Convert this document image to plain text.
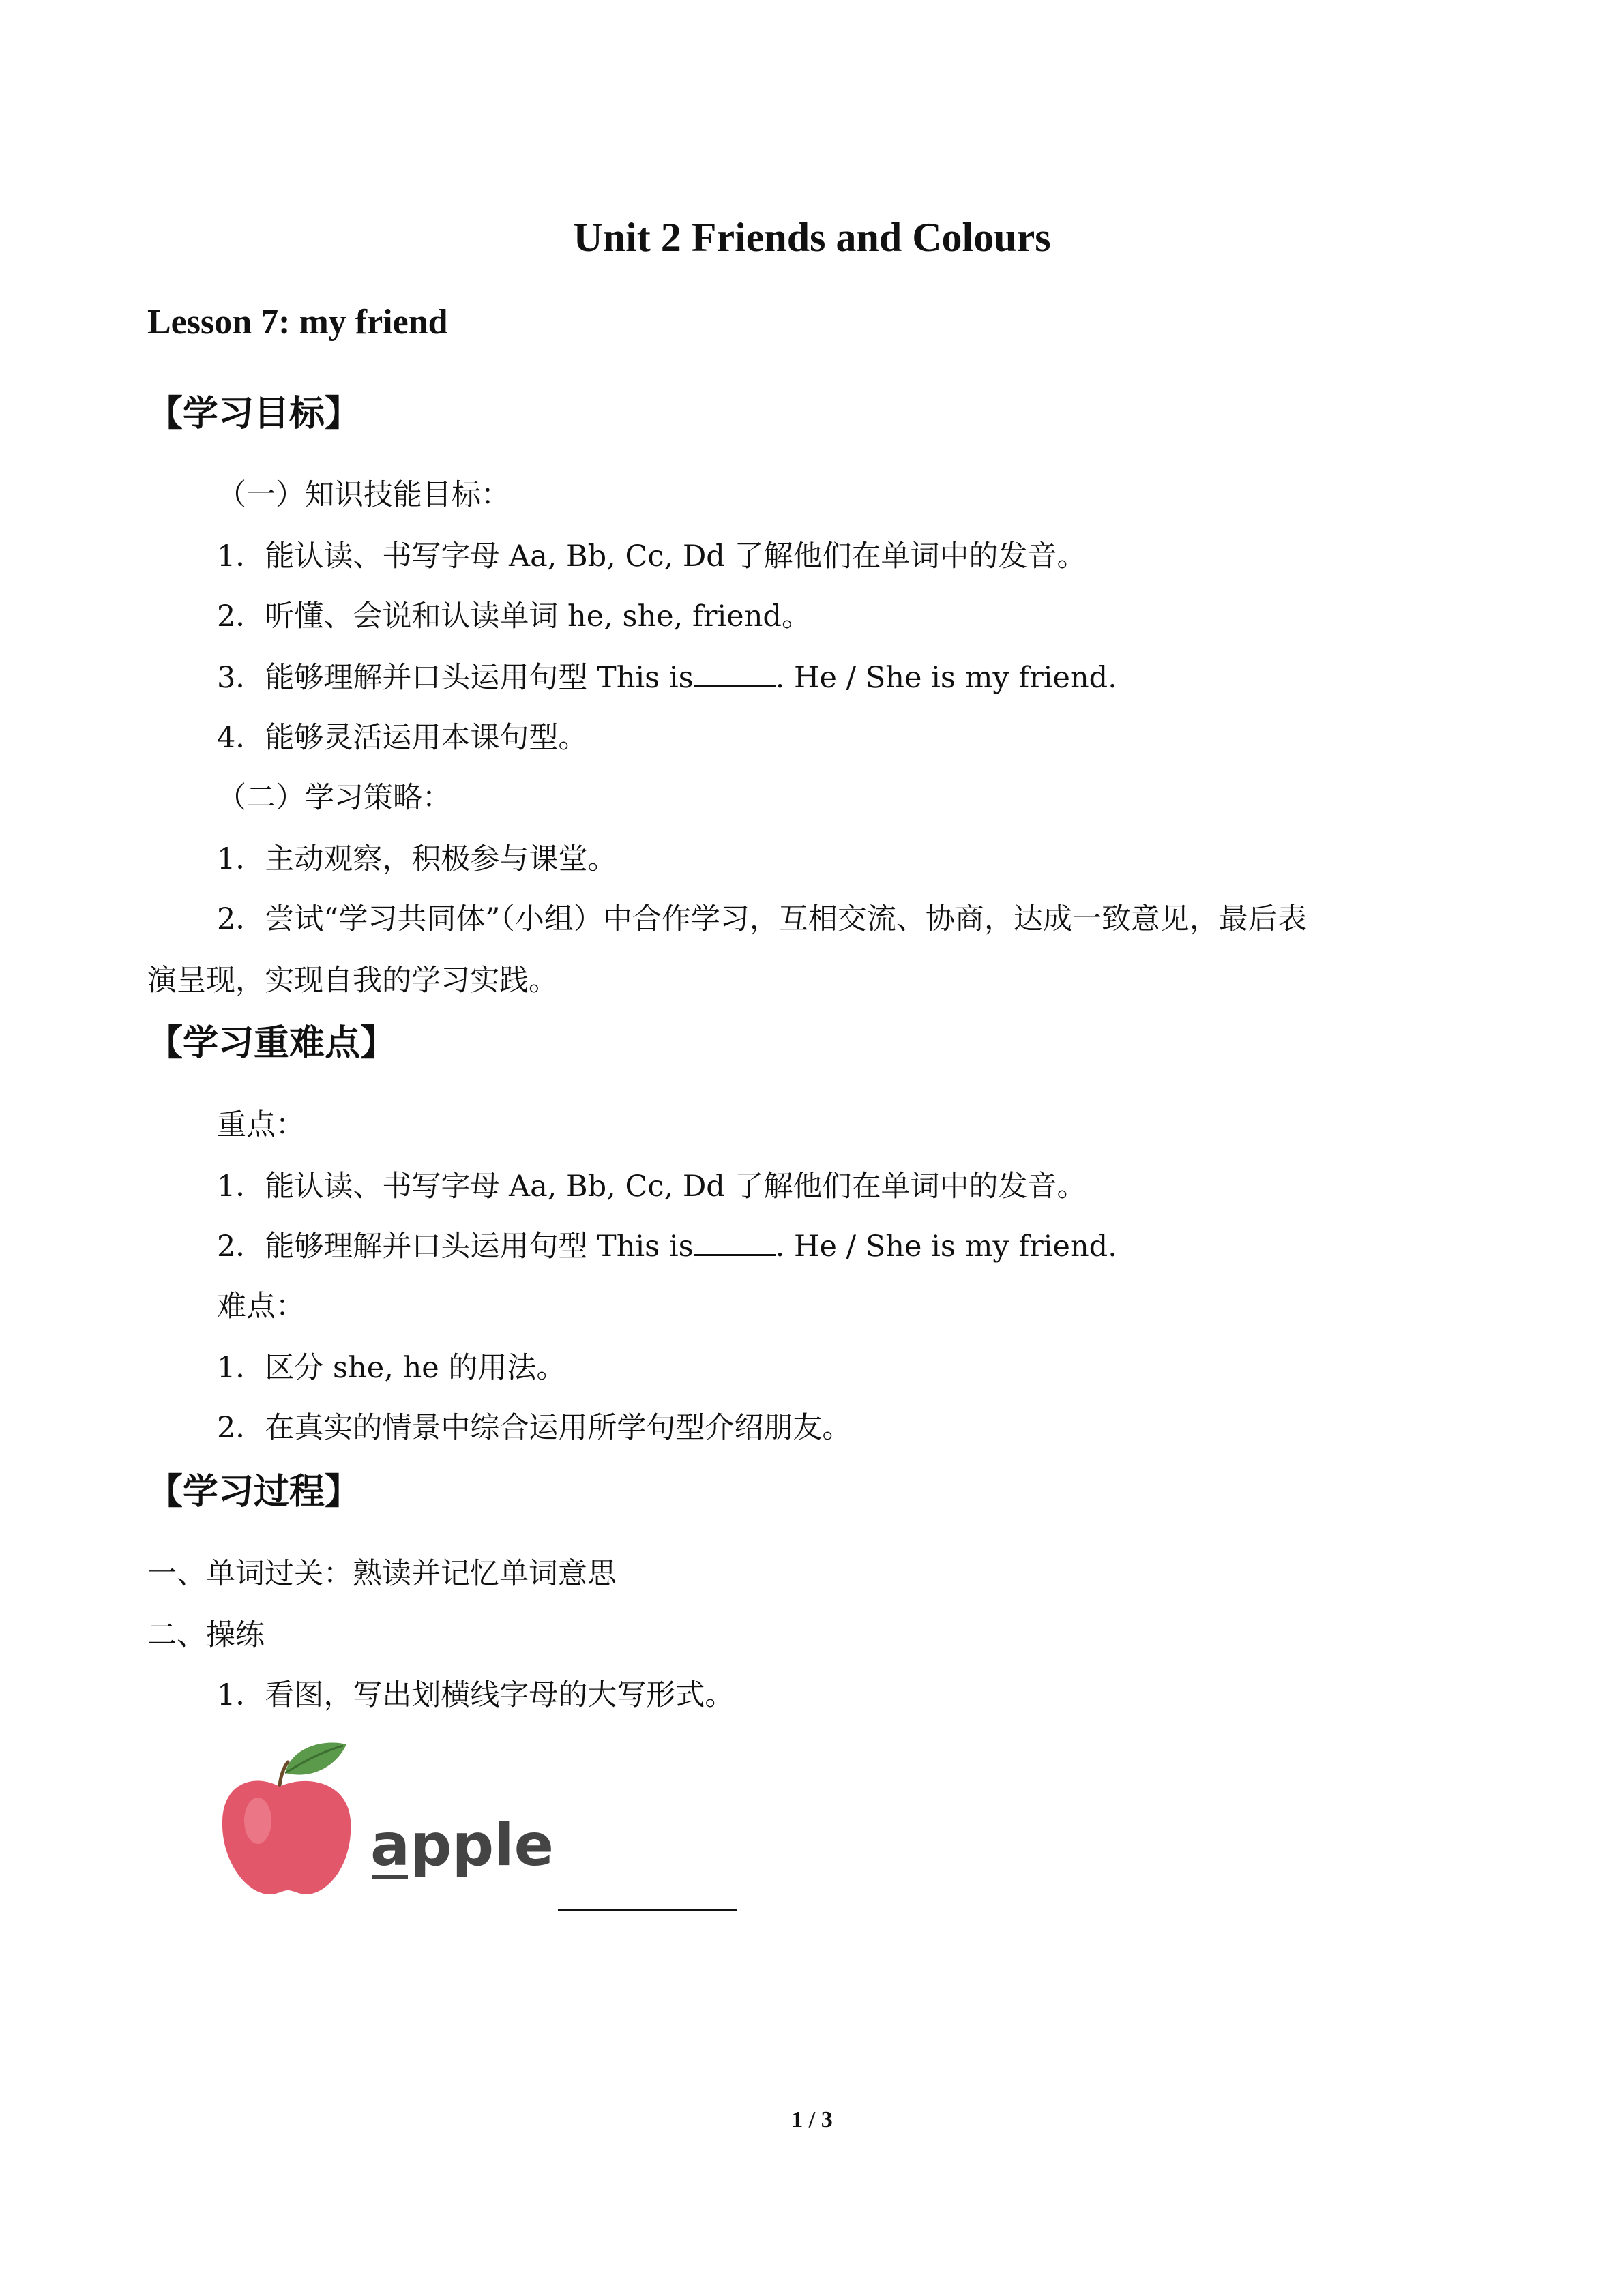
Unit 2 Friends and Colours
Lesson 7: my friend
【学习目标】
（一）知识技能目标：
1．能认读、书写字母 Aa, Bb, Cc, Dd 了解他们在单词中的发音。
2．听懂、会说和认读单词 he, she, friend。
3．能够理解并口头运用句型 This is	. He / She is my friend.
4．能够灵活运用本课句型。
（二）学习策略：
1．主动观察，积极参与课堂。
2．尝试“学习共同体”（小组）中合作学习，互相交流、协商，达成一致意见，最后表
演呈现，实现自我的学习实践。
【学习重难点】
重点：
1．能认读、书写字母 Aa, Bb, Cc, Dd 了解他们在单词中的发音。
2．能够理解并口头运用句型 This is	. He / She is my friend.
难点：
1．区分 she, he 的用法。
2．在真实的情景中综合运用所学句型介绍朋友。
【学习过程】
一、单词过关：熟读并记忆单词意思
二、操练
1．看图，写出划横线字母的大写形式。
apple
1 / 3
